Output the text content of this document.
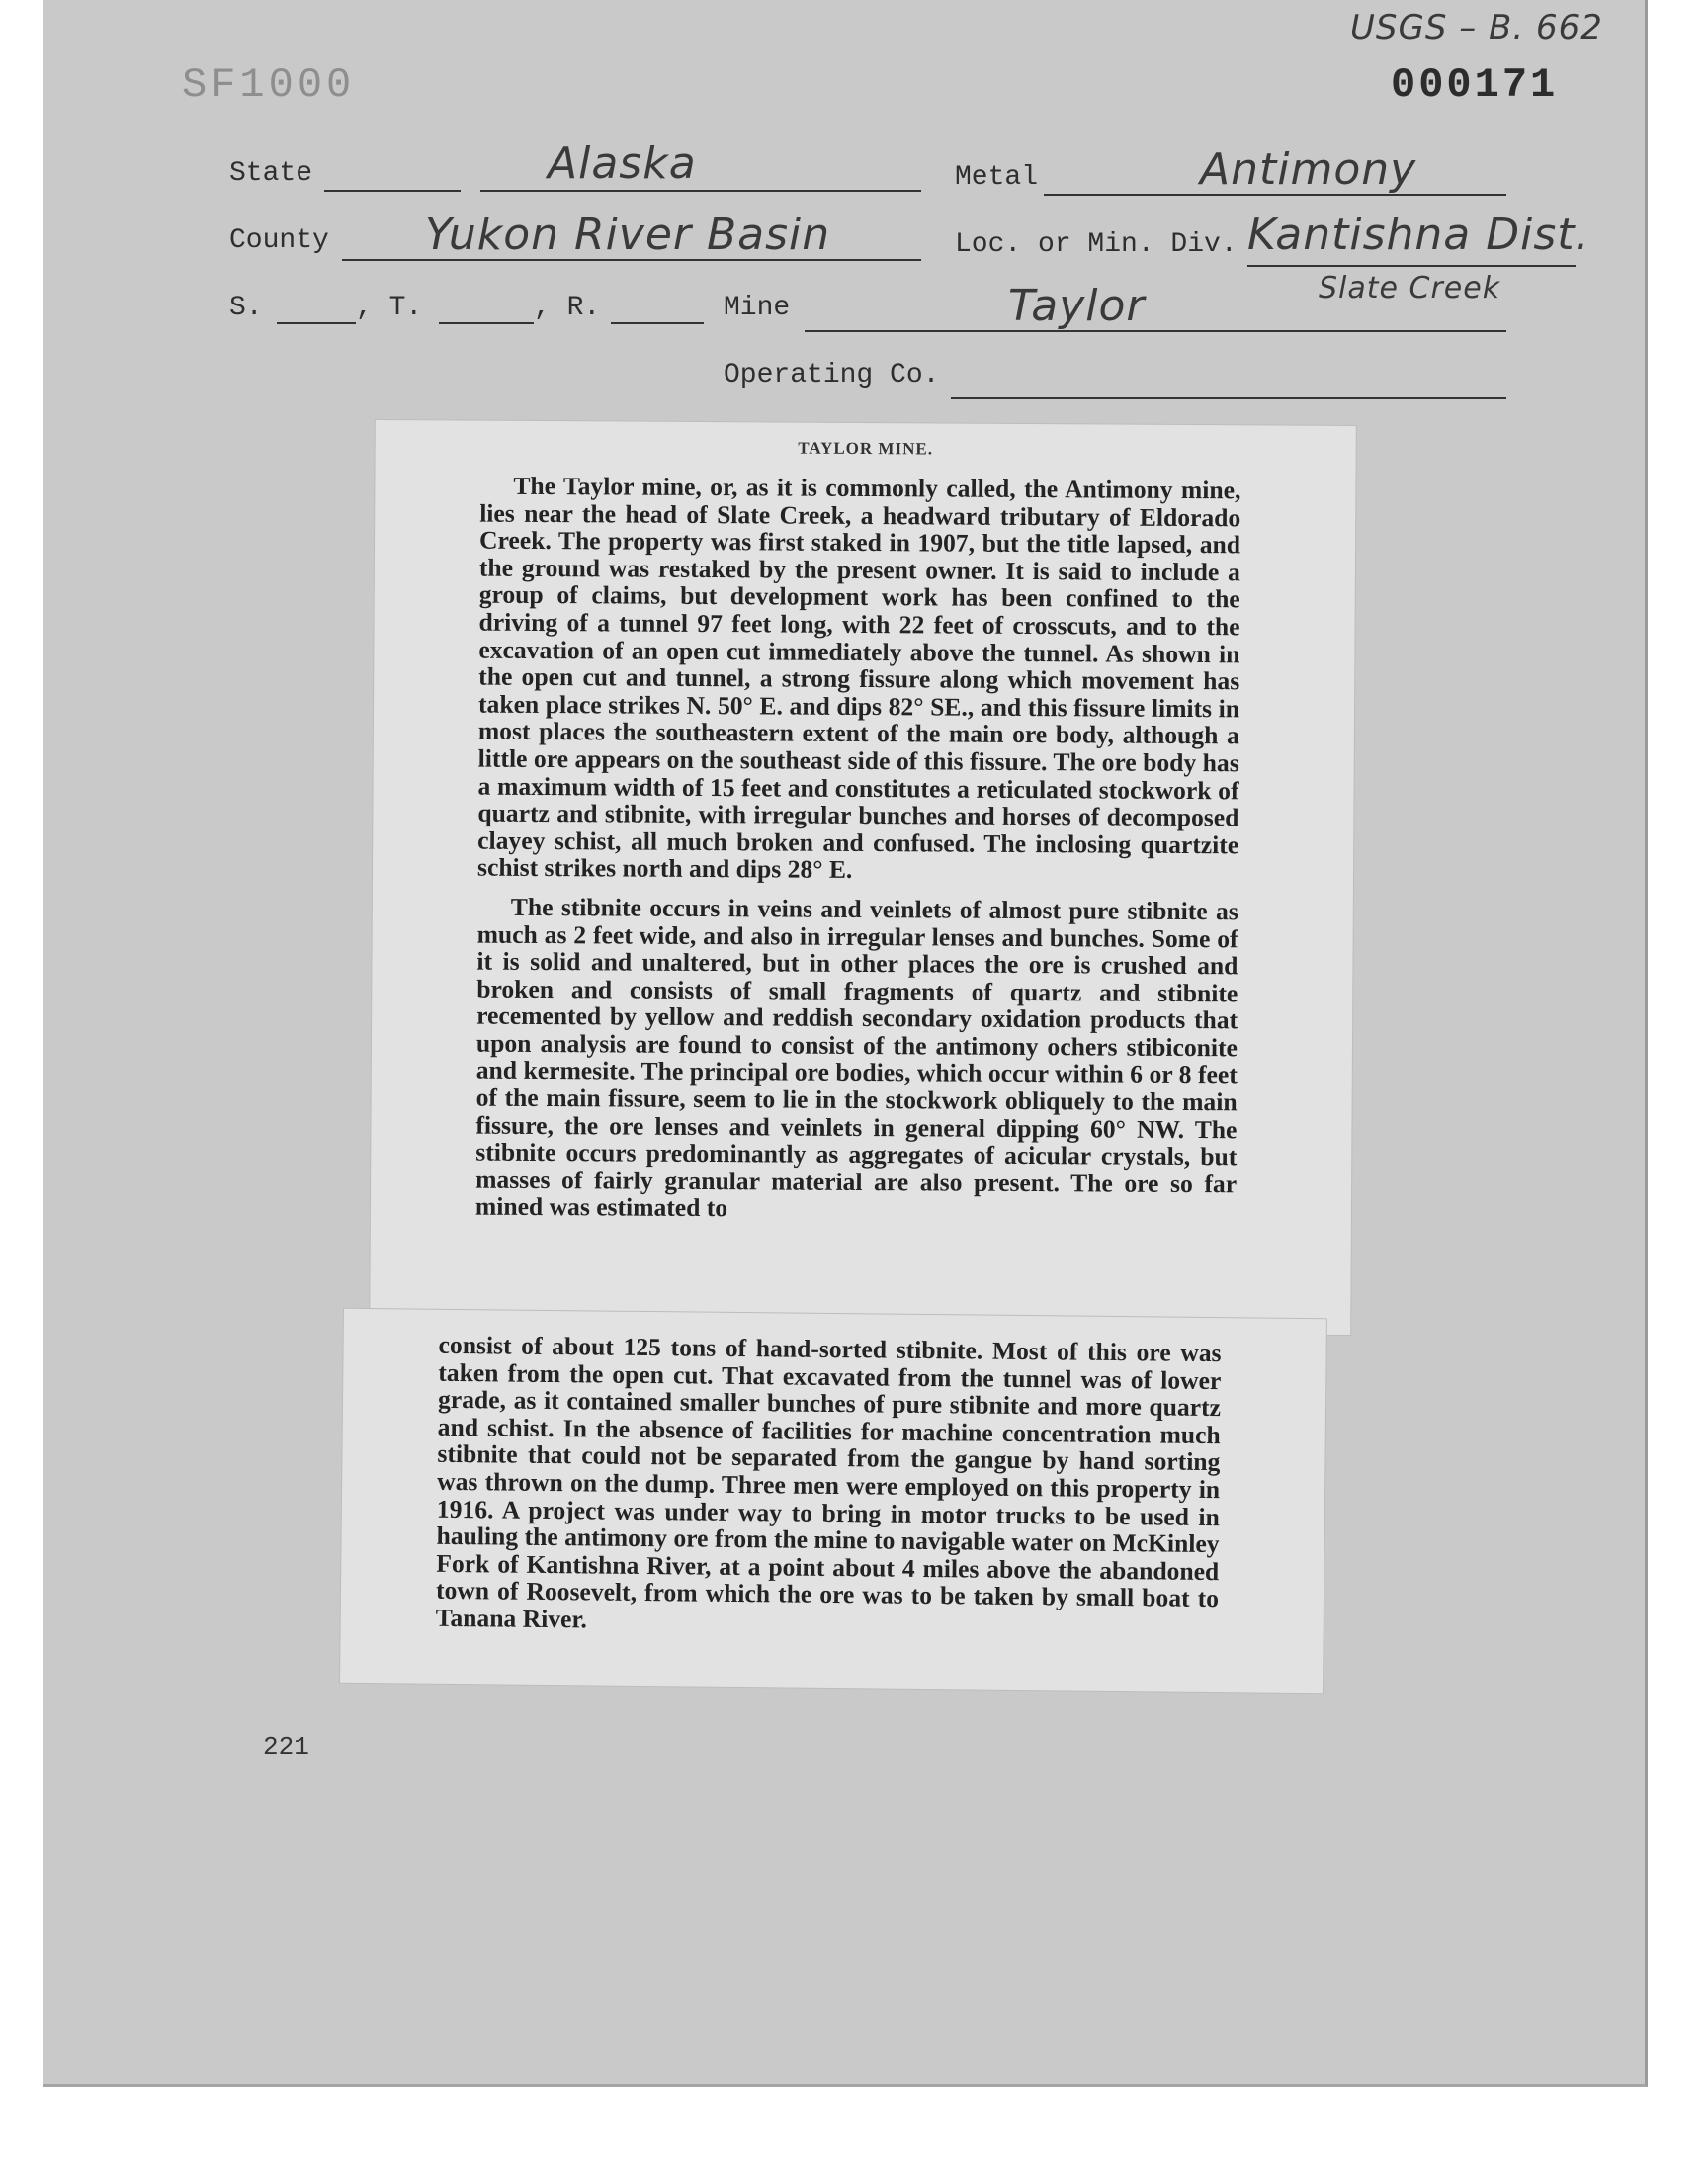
SF1000
USGS – B. 662
000171
State	Alaska	Metal	Antimony
County Yukon River Basin	Loc. or Min. Div. Kantishna Dist.
Slate Creek
S.	, T.	, R.	Mine	Taylor
Operating Co.
TAYLOR MINE.

The Taylor mine, or, as it is commonly called, the Antimony mine, lies near the head of Slate Creek, a headward tributary of Eldorado Creek. The property was first staked in 1907, but the title lapsed, and the ground was restaked by the present owner. It is said to include a group of claims, but development work has been confined to the driving of a tunnel 97 feet long, with 22 feet of crosscuts, and to the excavation of an open cut immediately above the tunnel. As shown in the open cut and tunnel, a strong fissure along which movement has taken place strikes N. 50° E. and dips 82° SE., and this fissure limits in most places the southeastern extent of the main ore body, although a little ore appears on the southeast side of this fissure. The ore body has a maximum width of 15 feet and constitutes a reticulated stockwork of quartz and stibnite, with irregular bunches and horses of decomposed clayey schist, all much broken and confused. The inclosing quartzite schist strikes north and dips 28° E.

The stibnite occurs in veins and veinlets of almost pure stibnite as much as 2 feet wide, and also in irregular lenses and bunches. Some of it is solid and unaltered, but in other places the ore is crushed and broken and consists of small fragments of quartz and stibnite recemented by yellow and reddish secondary oxidation products that upon analysis are found to consist of the antimony ochers stibiconite and kermesite. The principal ore bodies, which occur within 6 or 8 feet of the main fissure, seem to lie in the stockwork obliquely to the main fissure, the ore lenses and veinlets in general dipping 60° NW. The stibnite occurs predominantly as aggregates of acicular crystals, but masses of fairly granular material are also present. The ore so far mined was estimated to

consist of about 125 tons of hand-sorted stibnite. Most of this ore was taken from the open cut. That excavated from the tunnel was of lower grade, as it contained smaller bunches of pure stibnite and more quartz and schist. In the absence of facilities for machine concentration much stibnite that could not be separated from the gangue by hand sorting was thrown on the dump. Three men were employed on this property in 1916. A project was under way to bring in motor trucks to be used in hauling the antimony ore from the mine to navigable water on McKinley Fork of Kantishna River, at a point about 4 miles above the abandoned town of Roosevelt, from which the ore was to be taken by small boat to Tanana River.

221
